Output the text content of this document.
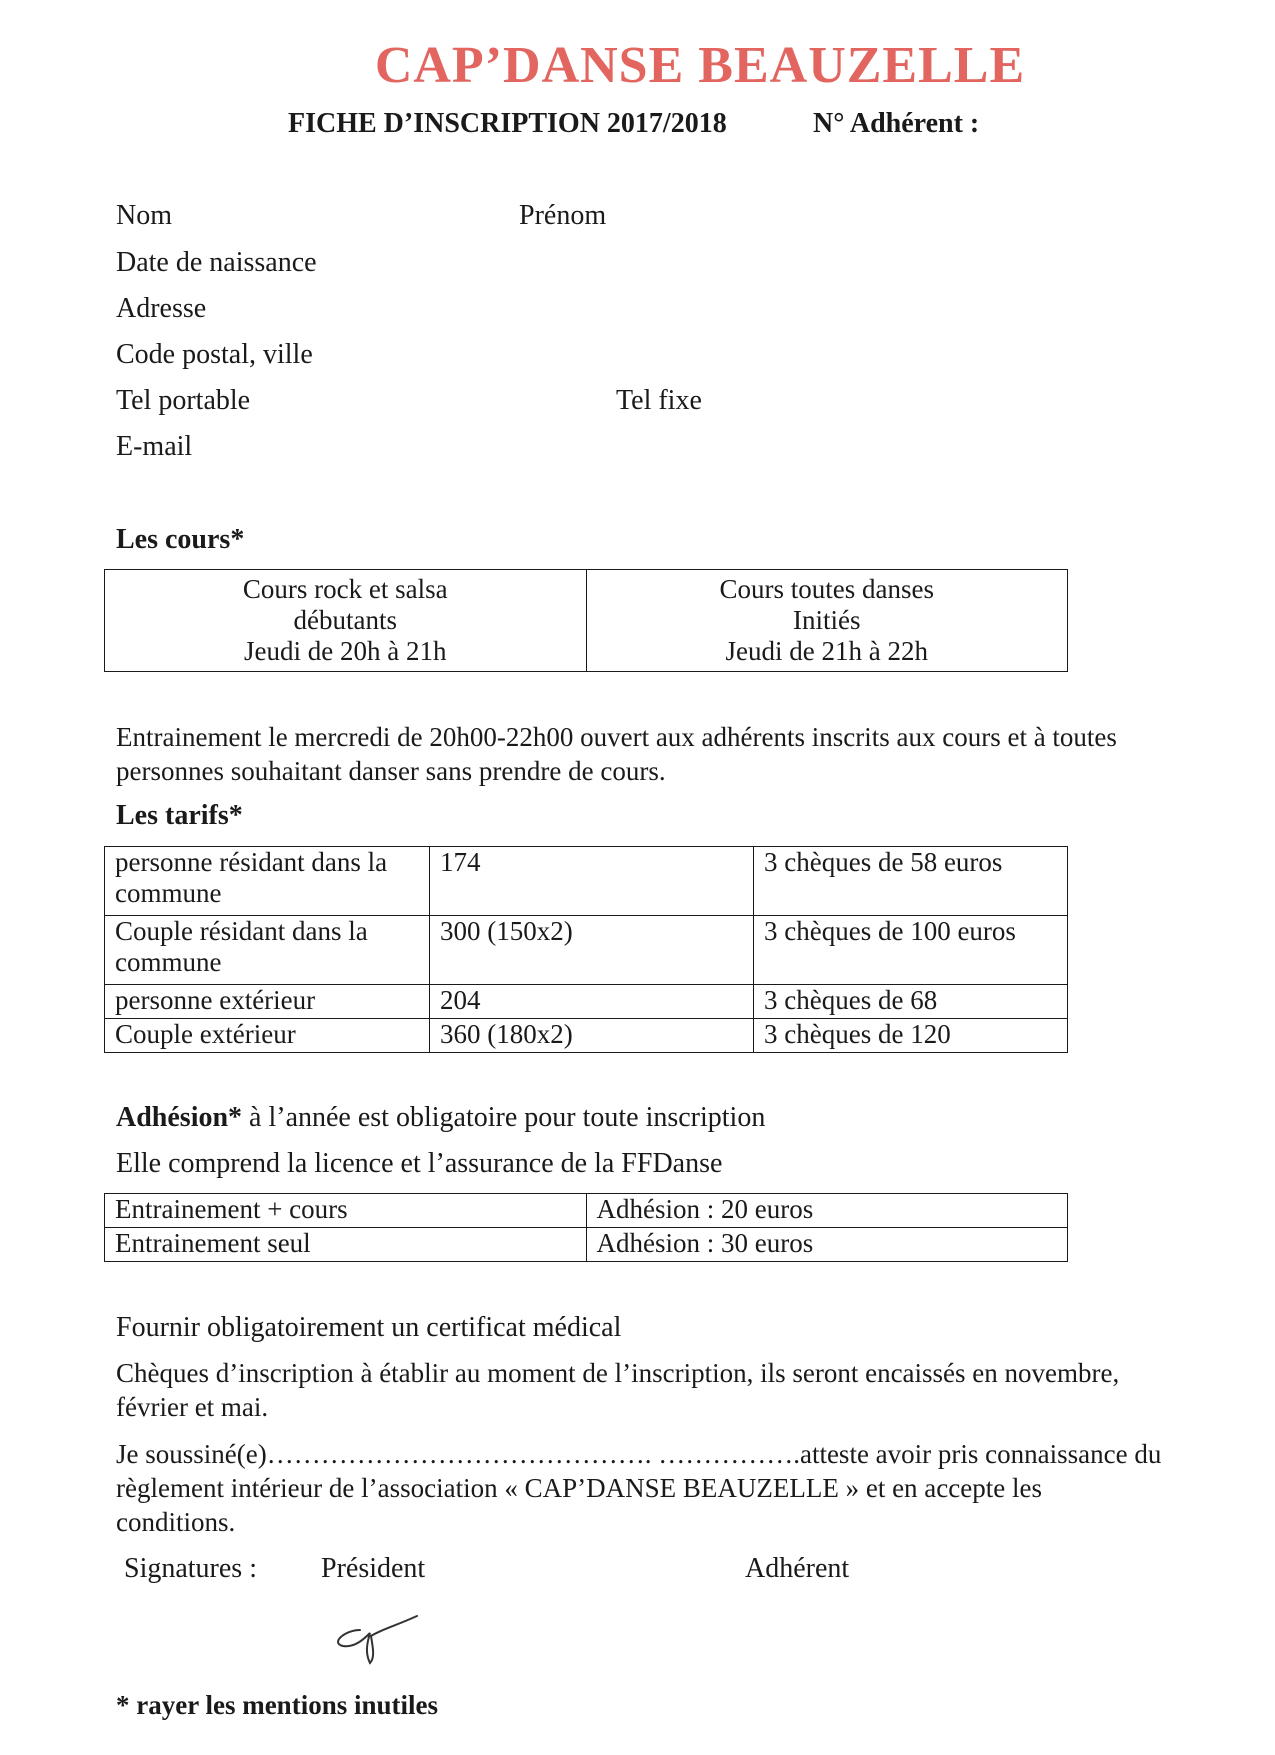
CAP’DANSE BEAUZELLE
FICHE D’INSCRIPTION 2017/2018	N° Adhérent :
Nom	Prénom
Date de naissance
Adresse
Code postal, ville
Tel portable	Tel fixe
E-mail
Les cours*
Cours rock et salsa
débutants
Jeudi de 20h à 21h

Cours toutes danses
Initiés
Jeudi de 21h à 22h
Entrainement le mercredi de 20h00-22h00 ouvert aux adhérents inscrits aux cours et à toutes personnes souhaitant danser sans prendre de cours.
Les tarifs*
personne résidant dans la commune	174	3 chèques de 58 euros
Couple résidant dans la commune	300 (150x2)	3 chèques de 100 euros
personne extérieur	204	3 chèques de 68
Couple extérieur	360 (180x2)	3 chèques de 120
Adhésion* à l’année est obligatoire pour toute inscription
Elle comprend la licence et l’assurance de la FFDanse
Entrainement + cours	Adhésion : 20 euros
Entrainement seul	Adhésion : 30 euros
Fournir obligatoirement un certificat médical
Chèques d’inscription à établir au moment de l’inscription, ils seront encaissés en novembre, février et mai.
Je soussiné(e)……………………………………. …………….atteste avoir pris connaissance du règlement intérieur de l’association « CAP’DANSE BEAUZELLE » et en accepte les conditions.
Signatures : Président	Adhérent
* rayer les mentions inutiles
